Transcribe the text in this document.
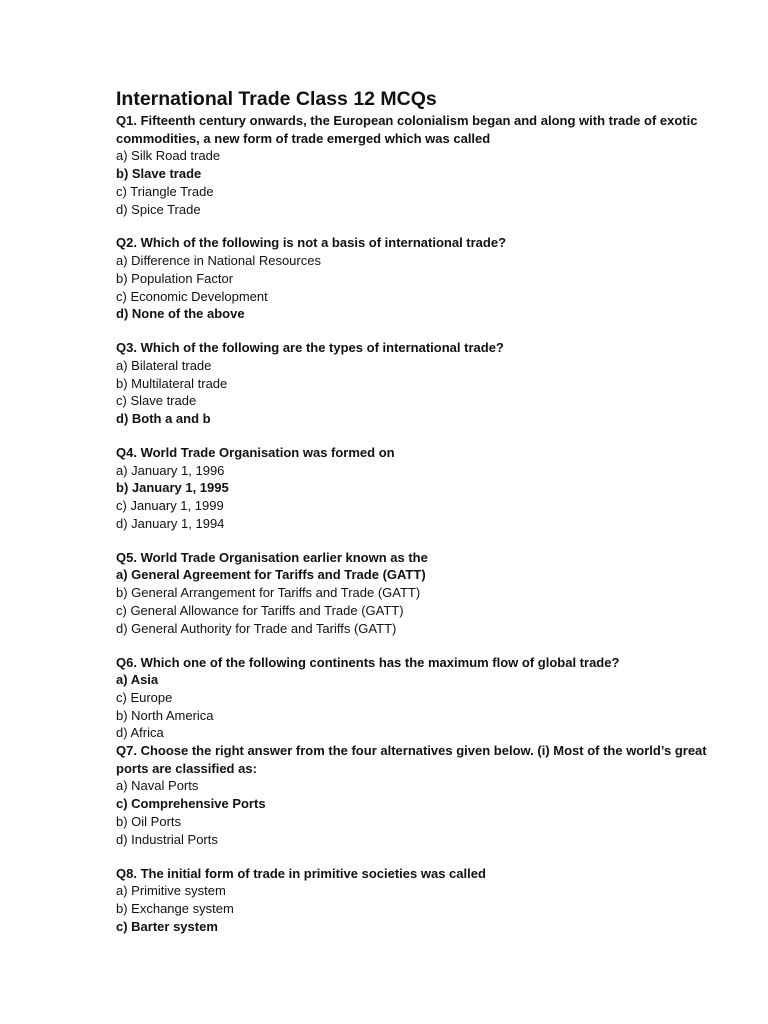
International Trade Class 12 MCQs
Q1. Fifteenth century onwards, the European colonialism began and along with trade of exotic commodities, a new form of trade emerged which was called
a) Silk Road trade
b) Slave trade
c) Triangle Trade
d) Spice Trade
Q2. Which of the following is not a basis of international trade?
a) Difference in National Resources
b) Population Factor
c) Economic Development
d) None of the above
Q3. Which of the following are the types of international trade?
a) Bilateral trade
b) Multilateral trade
c) Slave trade
d) Both a and b
Q4. World Trade Organisation was formed on
a) January 1, 1996
b) January 1, 1995
c) January 1, 1999
d) January 1, 1994
Q5. World Trade Organisation earlier known as the
a) General Agreement for Tariffs and Trade (GATT)
b) General Arrangement for Tariffs and Trade (GATT)
c) General Allowance for Tariffs and Trade (GATT)
d) General Authority for Trade and Tariffs (GATT)
Q6. Which one of the following continents has the maximum flow of global trade?
a) Asia
c) Europe
b) North America
d) Africa
Q7. Choose the right answer from the four alternatives given below. (i) Most of the world’s great ports are classified as:
a) Naval Ports
c) Comprehensive Ports
b) Oil Ports
d) Industrial Ports
Q8. The initial form of trade in primitive societies was called
a) Primitive system
b) Exchange system
c) Barter system
